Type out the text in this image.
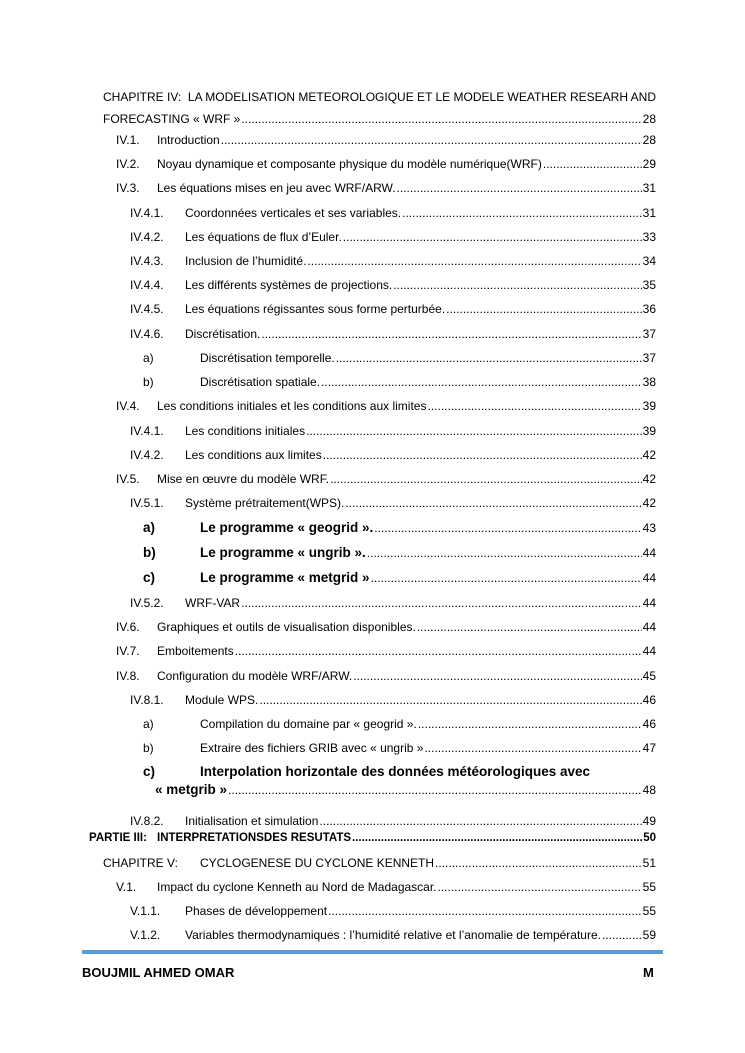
CHAPITRE IV: LA MODELISATION METEOROLOGIQUE ET LE MODELE WEATHER RESEARH AND
FORECASTING « WRF » .....	28
IV.1.	Introduction .....	28
IV.2.	Noyau dynamique et composante physique du modèle numérique(WRF) .....	29
IV.3.	Les équations mises en jeu avec WRF/ARW. .....	31
IV.4.1.	Coordonnées verticales et ses variables. .....	31
IV.4.2.	Les équations de flux d’Euler. .....	33
IV.4.3.	Inclusion de l’humidité. .....	34
IV.4.4.	Les différents systèmes de projections. .....	35
IV.4.5.	Les équations régissantes sous forme perturbée. .....	36
IV.4.6.	Discrétisation. .....	37
a)	Discrétisation temporelle. .....	37
b)	Discrétisation spatiale. .....	38
IV.4.	Les conditions initiales et les conditions aux limites .....	39
IV.4.1.	Les conditions initiales .....	39
IV.4.2.	Les conditions aux limites .....	42
IV.5.	Mise en œuvre du modèle WRF. .....	42
IV.5.1.	Système prétraitement(WPS). .....	42
a)	Le programme « geogrid ». .....	43
b)	Le programme « ungrib ». .....	44
c)	Le programme « metgrid » .....	44
IV.5.2.	WRF-VAR .....	44
IV.6.	Graphiques et outils de visualisation disponibles. .....	44
IV.7.	Emboitements .....	44
IV.8.	Configuration du modèle WRF/ARW. .....	45
IV.8.1.	Module WPS. .....	46
a)	Compilation du domaine par « geogrid ». .....	46
b)	Extraire des fichiers GRIB avec « ungrib » .....	47
c)	Interpolation horizontale des données météorologiques avec
« metgrib » .....	48
IV.8.2.	Initialisation et simulation .....	49
PARTIE III: INTERPRETATIONSDES RESUTATS .....	50
CHAPITRE V:	CYCLOGENESE DU CYCLONE KENNETH .....	51
V.1.	Impact du cyclone Kenneth au Nord de Madagascar. .....	55
V.1.1.	Phases de développement .....	55
V.1.2.	Variables thermodynamiques : l’humidité relative et l’anomalie de température. .....	59
BOUJMIL AHMED OMAR	M
